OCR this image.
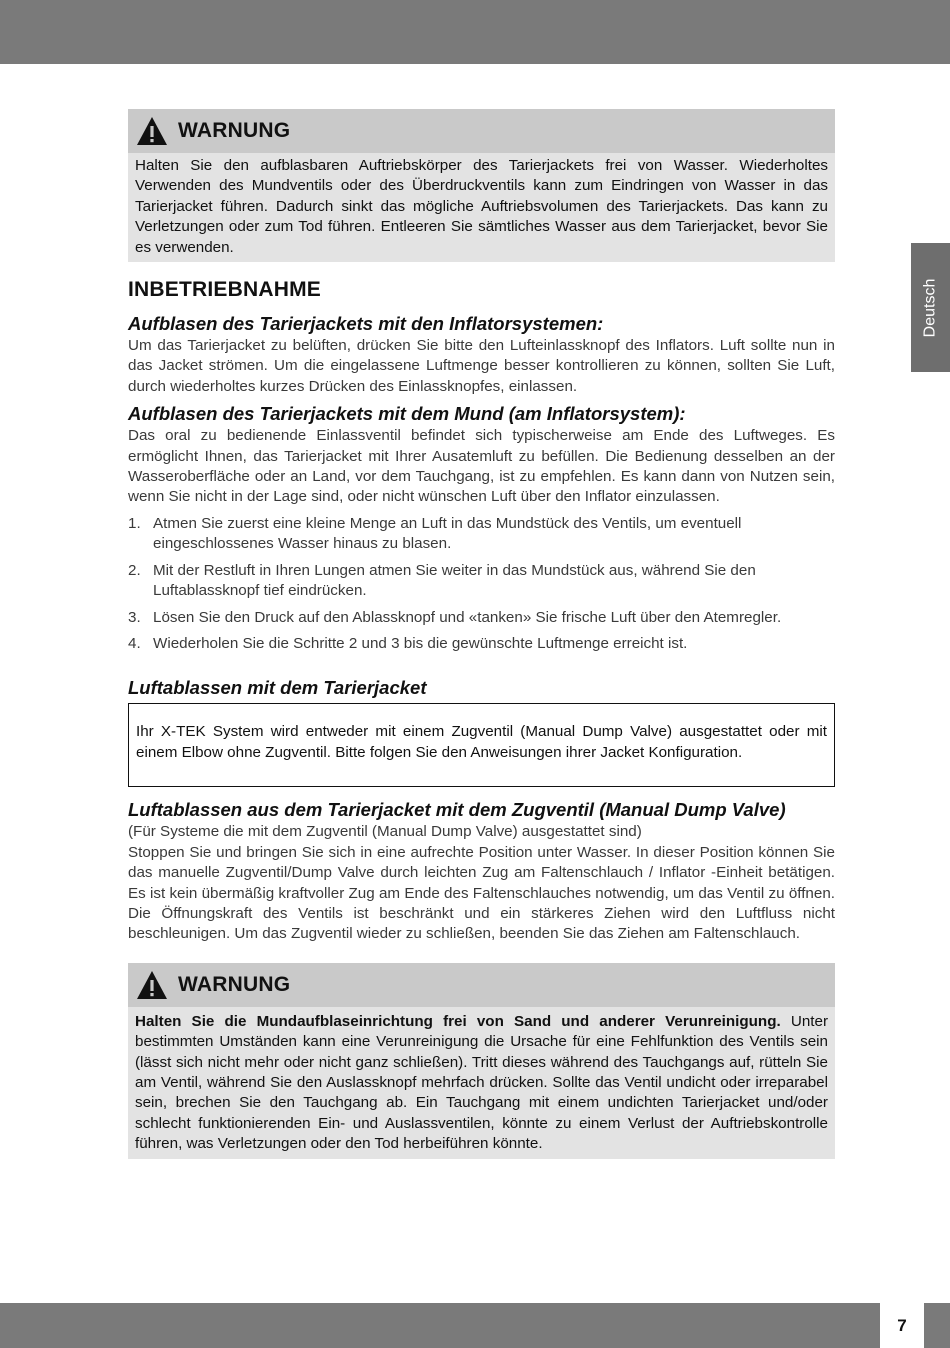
Deutsch
WARNUNG
Halten Sie den aufblasbaren Auftriebskörper des Tarierjackets frei von Wasser. Wiederholtes Verwenden des Mundventils oder des Überdruckventils kann zum Eindringen von Wasser in das Tarierjacket führen. Dadurch sinkt das mögliche Auftriebsvolumen des Tarierjackets. Das kann zu Verletzungen oder zum Tod führen. Entleeren Sie sämtliches Wasser aus dem Tarierjacket, bevor Sie es verwenden.
INBETRIEBNAHME
Aufblasen des Tarierjackets mit den Inflatorsystemen:

Um das Tarierjacket zu belüften, drücken Sie bitte den Lufteinlassknopf des Inflators. Luft sollte nun in das Jacket strömen. Um die eingelassene Luftmenge besser kontrollieren zu können, sollten Sie Luft, durch wiederholtes kurzes Drücken des Einlassknopfes, einlassen.

Aufblasen des Tarierjackets mit dem Mund (am Inflatorsystem):

Das oral zu bedienende Einlassventil befindet sich typischerweise am Ende des Luftweges. Es ermöglicht Ihnen, das Tarierjacket mit Ihrer Ausatemluft zu befüllen. Die Bedienung desselben an der Wasseroberfläche oder an Land, vor dem Tauchgang, ist zu empfehlen. Es kann dann von Nutzen sein, wenn Sie nicht in der Lage sind, oder nicht wünschen Luft über den Inflator einzulassen.

1. Atmen Sie zuerst eine kleine Menge an Luft in das Mundstück des Ventils, um eventuell eingeschlossenes Wasser hinaus zu blasen.
2. Mit der Restluft in Ihren Lungen atmen Sie weiter in das Mundstück aus, während Sie den Luftablassknopf tief eindrücken.
3. Lösen Sie den Druck auf den Ablassknopf und «tanken» Sie frische Luft über den Atemregler.
4. Wiederholen Sie die Schritte 2 und 3 bis die gewünschte Luftmenge erreicht ist.
Luftablassen mit dem Tarierjacket
Ihr X-TEK System wird entweder mit einem Zugventil (Manual Dump Valve) ausgestattet oder mit einem Elbow ohne Zugventil. Bitte folgen Sie den Anweisungen ihrer Jacket Konfiguration.
Luftablassen aus dem Tarierjacket mit dem Zugventil (Manual Dump Valve)

(Für Systeme die mit dem Zugventil (Manual Dump Valve) ausgestattet sind)

Stoppen Sie und bringen Sie sich in eine aufrechte Position unter Wasser. In dieser Position können Sie das manuelle Zugventil/Dump Valve durch leichten Zug am Faltenschlauch / Inflator -Einheit betätigen. Es ist kein übermäßig kraftvoller Zug am Ende des Faltenschlauches notwendig, um das Ventil zu öffnen. Die Öffnungskraft des Ventils ist beschränkt und ein stärkeres Ziehen wird den Luftfluss nicht beschleunigen. Um das Zugventil wieder zu schließen, beenden Sie das Ziehen am Faltenschlauch.

WARNUNG
Halten Sie die Mundaufblaseinrichtung frei von Sand und anderer Verunreinigung. Unter bestimmten Umständen kann eine Verunreinigung die Ursache für eine Fehlfunktion des Ventils sein (lässt sich nicht mehr oder nicht ganz schließen). Tritt dieses während des Tauchgangs auf, rütteln Sie am Ventil, während Sie den Auslassknopf mehrfach drücken. Sollte das Ventil undicht oder irreparabel sein, brechen Sie den Tauchgang ab. Ein Tauchgang mit einem undichten Tarierjacket und/oder schlecht funktionierenden Ein- und Auslassventilen, könnte zu einem Verlust der Auftriebskontrolle führen, was Verletzungen oder den Tod herbeiführen könnte.
7
